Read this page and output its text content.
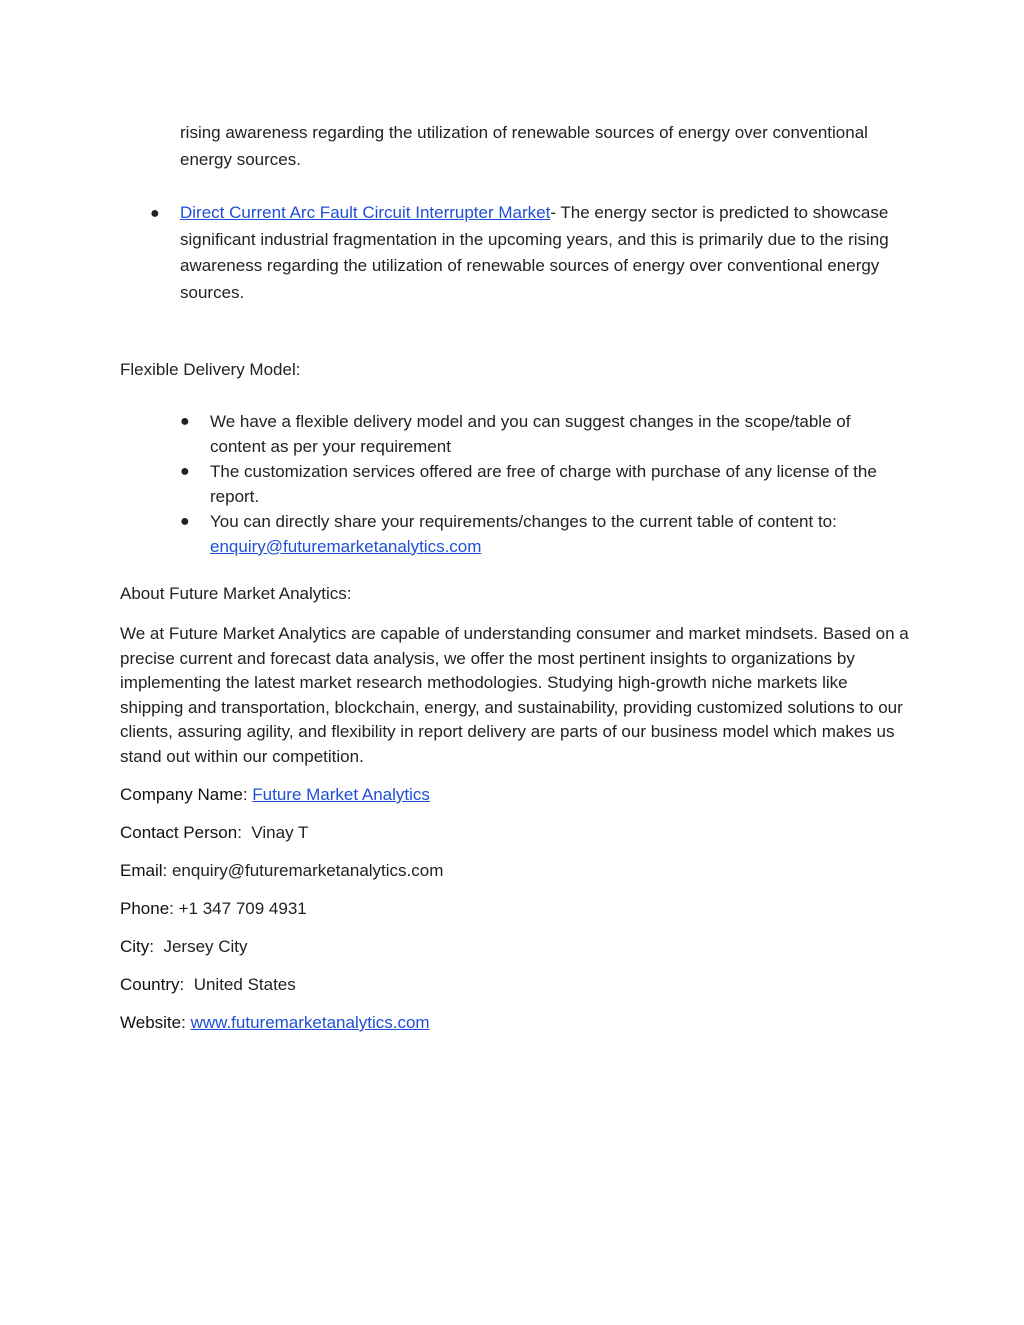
rising awareness regarding the utilization of renewable sources of energy over conventional energy sources.

● Direct Current Arc Fault Circuit Interrupter Market- The energy sector is predicted to showcase significant industrial fragmentation in the upcoming years, and this is primarily due to the rising awareness regarding the utilization of renewable sources of energy over conventional energy sources.

Flexible Delivery Model:

● We have a flexible delivery model and you can suggest changes in the scope/table of content as per your requirement

● The customization services offered are free of charge with purchase of any license of the report.

● You can directly share your requirements/changes to the current table of content to: enquiry@futuremarketanalytics.com

About Future Market Analytics:

We at Future Market Analytics are capable of understanding consumer and market mindsets. Based on a precise current and forecast data analysis, we offer the most pertinent insights to organizations by implementing the latest market research methodologies. Studying high-growth niche markets like shipping and transportation, blockchain, energy, and sustainability, providing customized solutions to our clients, assuring agility, and flexibility in report delivery are parts of our business model which makes us stand out within our competition.

Company Name: Future Market Analytics

Contact Person:  Vinay T

Email: enquiry@futuremarketanalytics.com

Phone: +1 347 709 4931

City:  Jersey City

Country:  United States

Website: www.futuremarketanalytics.com
